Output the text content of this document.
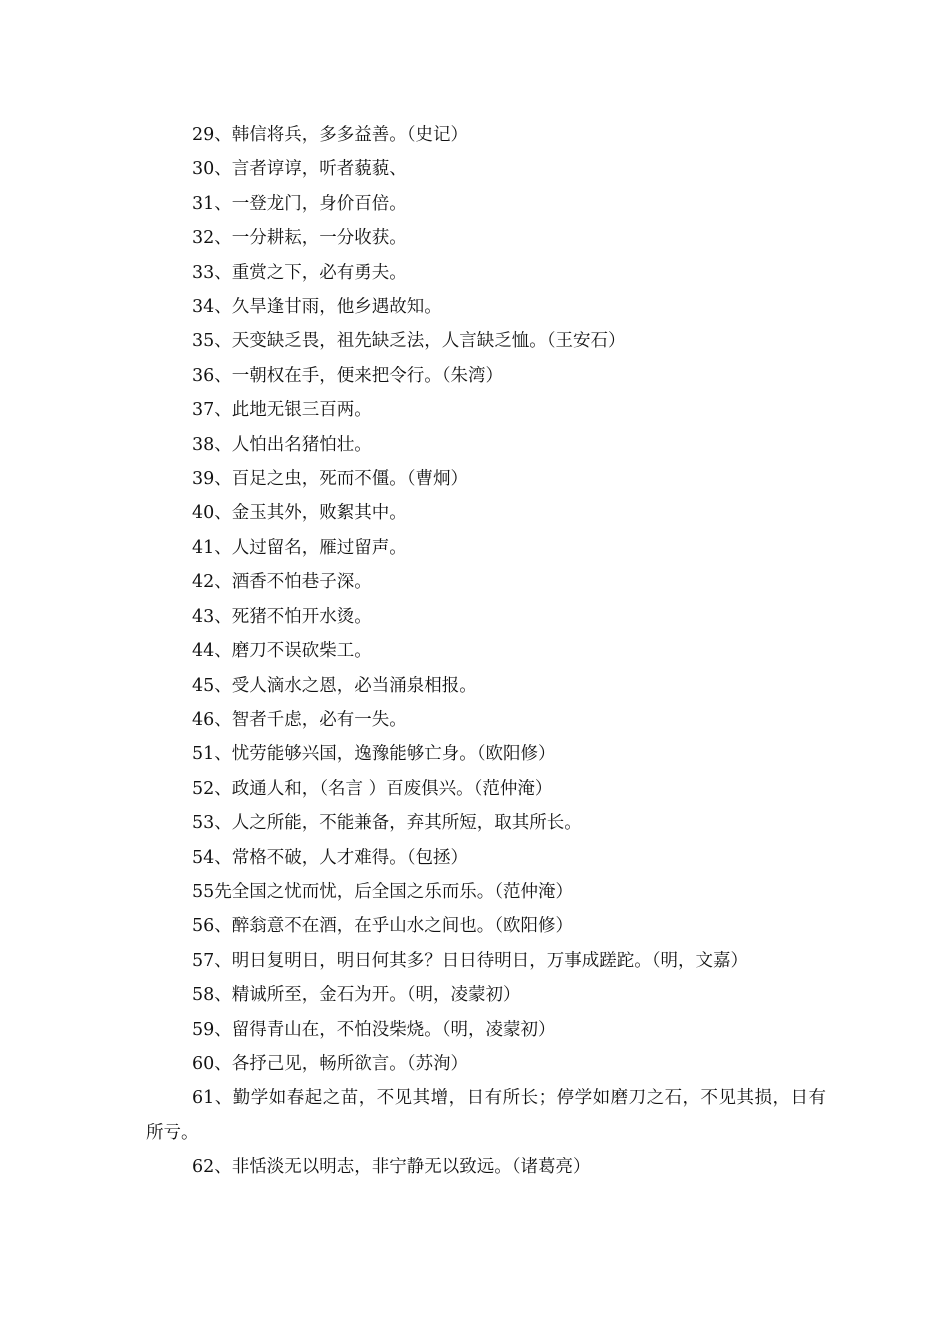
29、韩信将兵，多多益善。（史记）
30、言者谆谆，听者藐藐、
31、一登龙门，身价百倍。
32、一分耕耘，一分收获。
33、重赏之下，必有勇夫。
34、久旱逢甘雨，他乡遇故知。
35、天变缺乏畏，祖先缺乏法，人言缺乏恤。（王安石）
36、一朝权在手，便来把令行。（朱湾）
37、此地无银三百两。
38、人怕出名猪怕壮。
39、百足之虫，死而不僵。（曹炯）
40、金玉其外，败絮其中。
41、人过留名，雁过留声。
42、酒香不怕巷子深。
43、死猪不怕开水烫。
44、磨刀不误砍柴工。
45、受人滴水之恩，必当涌泉相报。
46、智者千虑，必有一失。
51、忧劳能够兴国，逸豫能够亡身。（欧阳修）
52、政通人和，（名言 ）百废俱兴。（范仲淹）
53、人之所能，不能兼备，弃其所短，取其所长。
54、常格不破，人才难得。（包拯）
55先全国之忧而忧，后全国之乐而乐。（范仲淹）
56、醉翁意不在酒，在乎山水之间也。（欧阳修）
57、明日复明日，明日何其多？日日待明日，万事成蹉跎。（明，文嘉）
58、精诚所至，金石为开。（明，凌蒙初）
59、留得青山在，不怕没柴烧。（明，凌蒙初）
60、各抒己见，畅所欲言。（苏洵）
61、勤学如春起之苗，不见其增，日有所长；停学如磨刀之石，不见其损，日有所亏。
62、非恬淡无以明志，非宁静无以致远。（诸葛亮）
